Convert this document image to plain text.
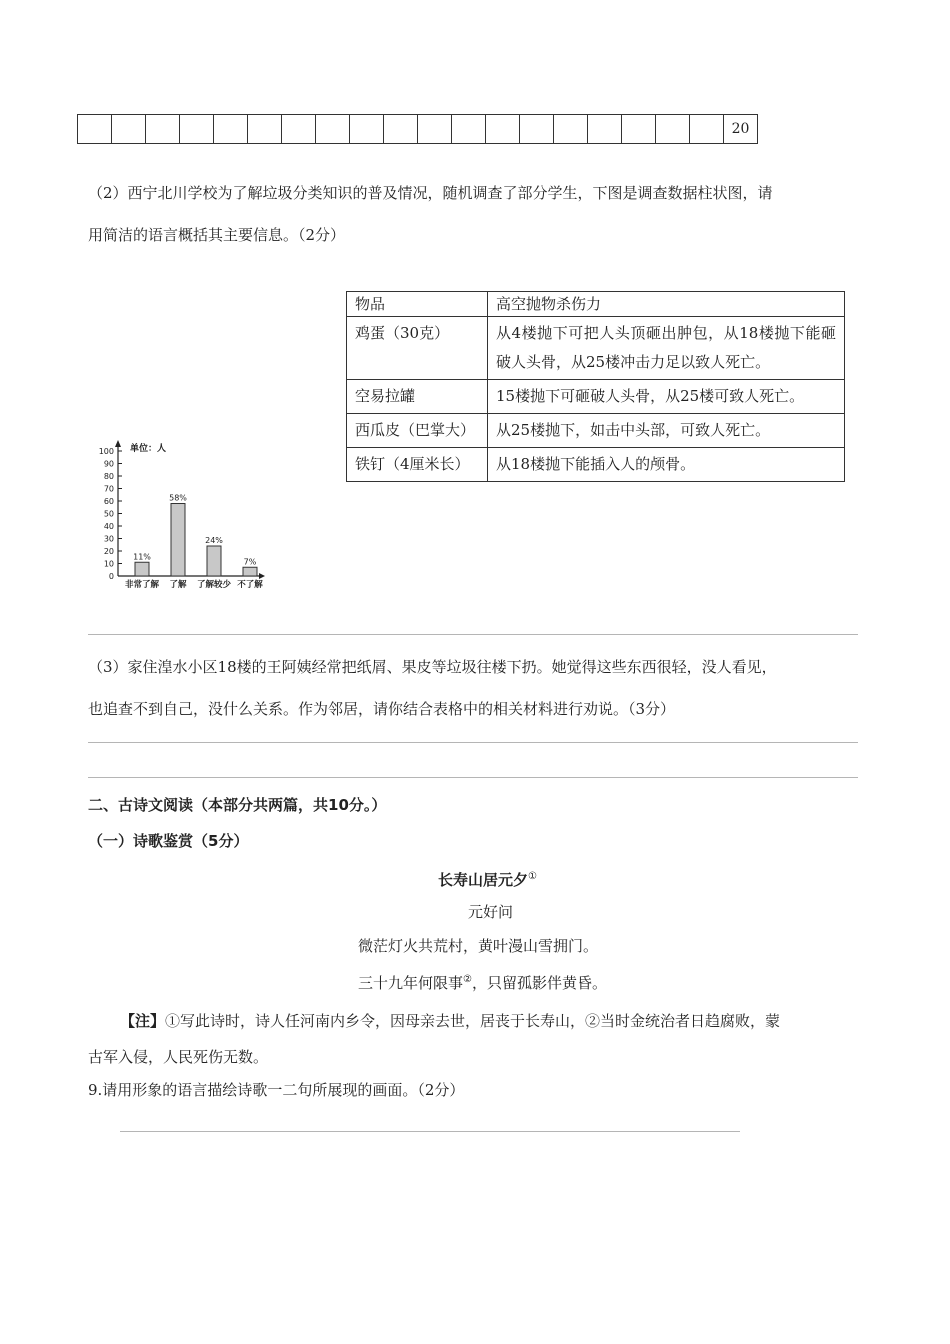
																			20
（2）西宁北川学校为了解垃圾分类知识的普及情况，随机调查了部分学生，下图是调查数据柱状图，请
用简洁的语言概括其主要信息。（2分）
0
10
20
30
40
50
60
70
80
90
100 单位：人
11%
非常了解
58%
了解
24%
了解较少
7%
不了解
物品	高空抛物杀伤力
鸡蛋（30克）	从4楼抛下可把人头顶砸出肿包，从18楼抛下能砸破人头骨，从25楼冲击力足以致人死亡。
空易拉罐	15楼抛下可砸破人头骨，从25楼可致人死亡。
西瓜皮（巴掌大）	从25楼抛下，如击中头部，可致人死亡。
铁钉（4厘米长）	从18楼抛下能插入人的颅骨。
（3）家住湟水小区18楼的王阿姨经常把纸屑、果皮等垃圾往楼下扔。她觉得这些东西很轻，没人看见，
也追查不到自己，没什么关系。作为邻居，请你结合表格中的相关材料进行劝说。（3分）
二、古诗文阅读（本部分共两篇，共10分。）
（一）诗歌鉴赏（5分）
长寿山居元夕①
元好问
微茫灯火共荒村，黄叶漫山雪拥门。
三十九年何限事②，只留孤影伴黄昏。
【注】①写此诗时，诗人任河南内乡令，因母亲去世，居丧于长寿山，②当时金统治者日趋腐败，蒙
古军入侵，人民死伤无数。
9.请用形象的语言描绘诗歌一二句所展现的画面。（2分）
